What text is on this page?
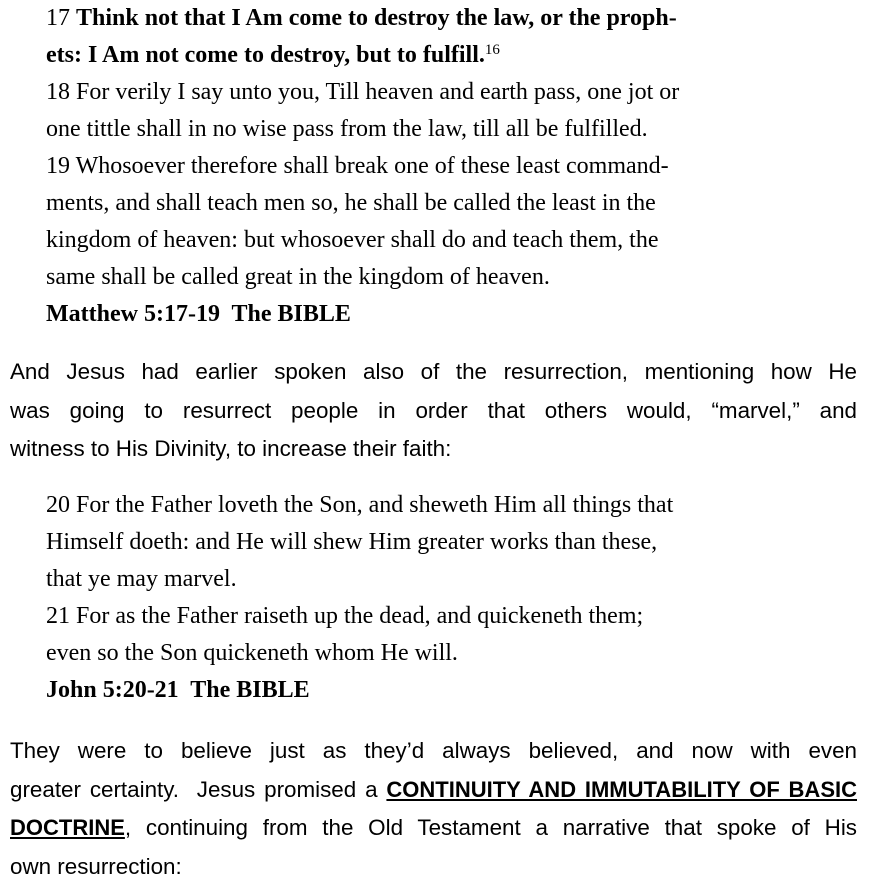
17 Think not that I Am come to destroy the law, or the proph-
ets: I Am not come to destroy, but to fulfill.$^{16}$
18 For verily I say unto you, Till heaven and earth pass, one jot or
one tittle shall in no wise pass from the law, till all be fulfilled.
19 Whosoever therefore shall break one of these least command-
ments, and shall teach men so, he shall be called the least in the
kingdom of heaven: but whosoever shall do and teach them, the
same shall be called great in the kingdom of heaven.
Matthew 5:17-19  The BIBLE
And Jesus had earlier spoken also of the resurrection, mentioning how He
was going to resurrect people in order that others would, “marvel,” and
witness to His Divinity, to increase their faith:
20 For the Father loveth the Son, and sheweth Him all things that
Himself doeth: and He will shew Him greater works than these,
that ye may marvel.
21 For as the Father raiseth up the dead, and quickeneth them;
even so the Son quickeneth whom He will.
John 5:20-21  The BIBLE
They were to believe just as they’d always believed, and now with even
greater certainty.  Jesus promised a CONTINUITY AND IMMUTABILITY OF BASIC
DOCTRINE, continuing from the Old Testament a narrative that spoke of His
own resurrection:
